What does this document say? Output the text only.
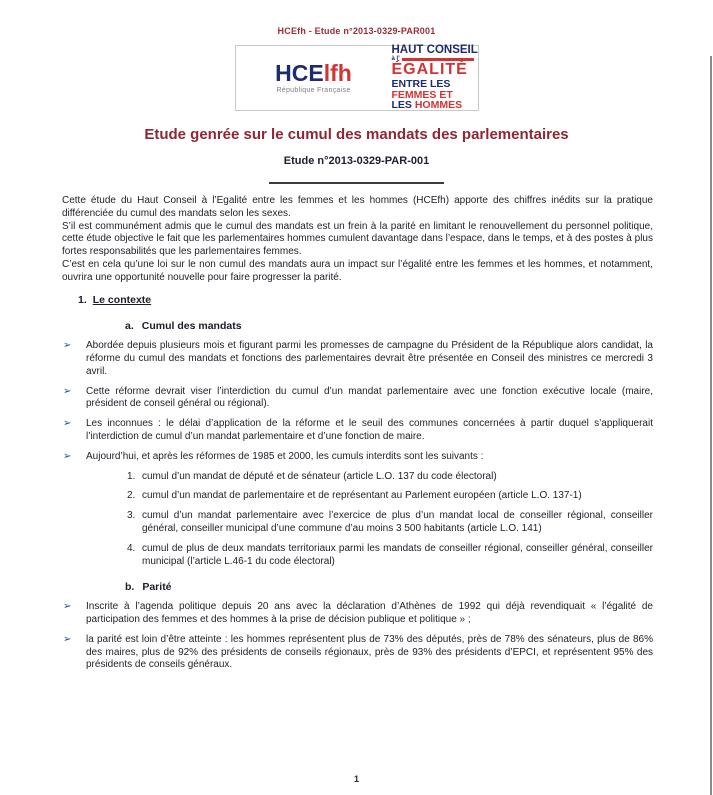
HCEfh - Etude n°2013-0329-PAR001
HCElfh
République Française
HAUT CONSEIL
à l’
ÉGALITÉ
ENTRE LES
FEMMES ET
LES HOMMES
Etude genrée sur le cumul des mandats des parlementaires
Etude n°2013-0329-PAR-001

Cette étude du Haut Conseil à l’Egalité entre les femmes et les hommes (HCEfh) apporte des chiffres inédits sur la pratique différenciée du cumul des mandats selon les sexes.

S’il est communément admis que le cumul des mandats est un frein à la parité en limitant le renouvellement du personnel politique, cette étude objective le fait que les parlementaires hommes cumulent davantage dans l’espace, dans le temps, et à des postes à plus fortes responsabilités que les parlementaires femmes.

C’est en cela qu’une loi sur le non cumul des mandats aura un impact sur l’égalité entre les femmes et les hommes, et notamment, ouvrira une opportunité nouvelle pour faire progresser la parité.

1. Le contexte
a. Cumul des mandats
➢	Abordée depuis plusieurs mois et figurant parmi les promesses de campagne du Président de la République alors candidat, la réforme du cumul des mandats et fonctions des parlementaires devrait être présentée en Conseil des ministres ce mercredi 3 avril.
➢	Cette réforme devrait viser l’interdiction du cumul d’un mandat parlementaire avec une fonction exécutive locale (maire, président de conseil général ou régional).
➢	Les inconnues : le délai d’application de la réforme et le seuil des communes concernées à partir duquel s’appliquerait l’interdiction de cumul d’un mandat parlementaire et d’une fonction de maire.
➢	Aujourd’hui, et après les réformes de 1985 et 2000, les cumuls interdits sont les suivants :
1. cumul d’un mandat de député et de sénateur (article L.O. 137 du code électoral)
2. cumul d’un mandat de parlementaire et de représentant au Parlement européen (article L.O. 137-1)
3. cumul d’un mandat parlementaire avec l’exercice de plus d’un mandat local de conseiller régional, conseiller général, conseiller municipal d’une commune d’au moins 3 500 habitants (article L.O. 141)
4. cumul de plus de deux mandats territoriaux parmi les mandats de conseiller régional, conseiller général, conseiller municipal (l’article L.46-1 du code électoral)
b. Parité
➢	Inscrite à l’agenda politique depuis 20 ans avec la déclaration d’Athènes de 1992 qui déjà revendiquait « l’égalité de participation des femmes et des hommes à la prise de décision publique et politique » ;
➢	la parité est loin d’être atteinte : les hommes représentent plus de 73% des députés, près de 78% des sénateurs, plus de 86% des maires, plus de 92% des présidents de conseils régionaux, près de 93% des présidents d’EPCI, et représentent 95% des présidents de conseils généraux.
1
